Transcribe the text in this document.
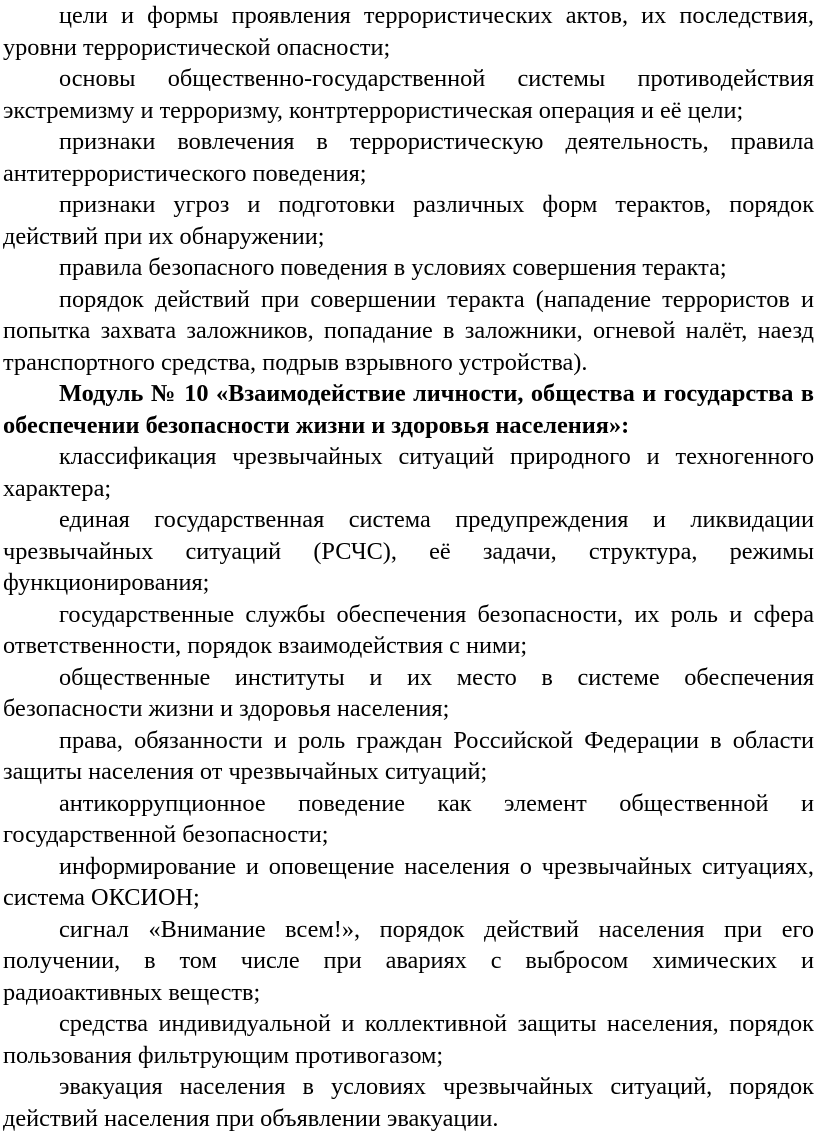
цели и формы проявления террористических актов, их последствия, уровни террористической опасности;

основы общественно-государственной системы противодействия экстремизму и терроризму, контртеррористическая операция и её цели;

признаки вовлечения в террористическую деятельность, правила антитеррористического поведения;

признаки угроз и подготовки различных форм терактов, порядок действий при их обнаружении;

правила безопасного поведения в условиях совершения теракта;

порядок действий при совершении теракта (нападение террористов и попытка захвата заложников, попадание в заложники, огневой налёт, наезд транспортного средства, подрыв взрывного устройства).

Модуль № 10 «Взаимодействие личности, общества и государства в обеспечении безопасности жизни и здоровья населения»:

классификация чрезвычайных ситуаций природного и техногенного характера;

единая государственная система предупреждения и ликвидации чрезвычайных ситуаций (РСЧС), её задачи, структура, режимы функционирования;

государственные службы обеспечения безопасности, их роль и сфера ответственности, порядок взаимодействия с ними;

общественные институты и их место в системе обеспечения безопасности жизни и здоровья населения;

права, обязанности и роль граждан Российской Федерации в области защиты населения от чрезвычайных ситуаций;

антикоррупционное поведение как элемент общественной и государственной безопасности;

информирование и оповещение населения о чрезвычайных ситуациях, система ОКСИОН;

сигнал «Внимание всем!», порядок действий населения при его получении, в том числе при авариях с выбросом химических и радиоактивных веществ;

средства индивидуальной и коллективной защиты населения, порядок пользования фильтрующим противогазом;

эвакуация населения в условиях чрезвычайных ситуаций, порядок действий населения при объявлении эвакуации.
